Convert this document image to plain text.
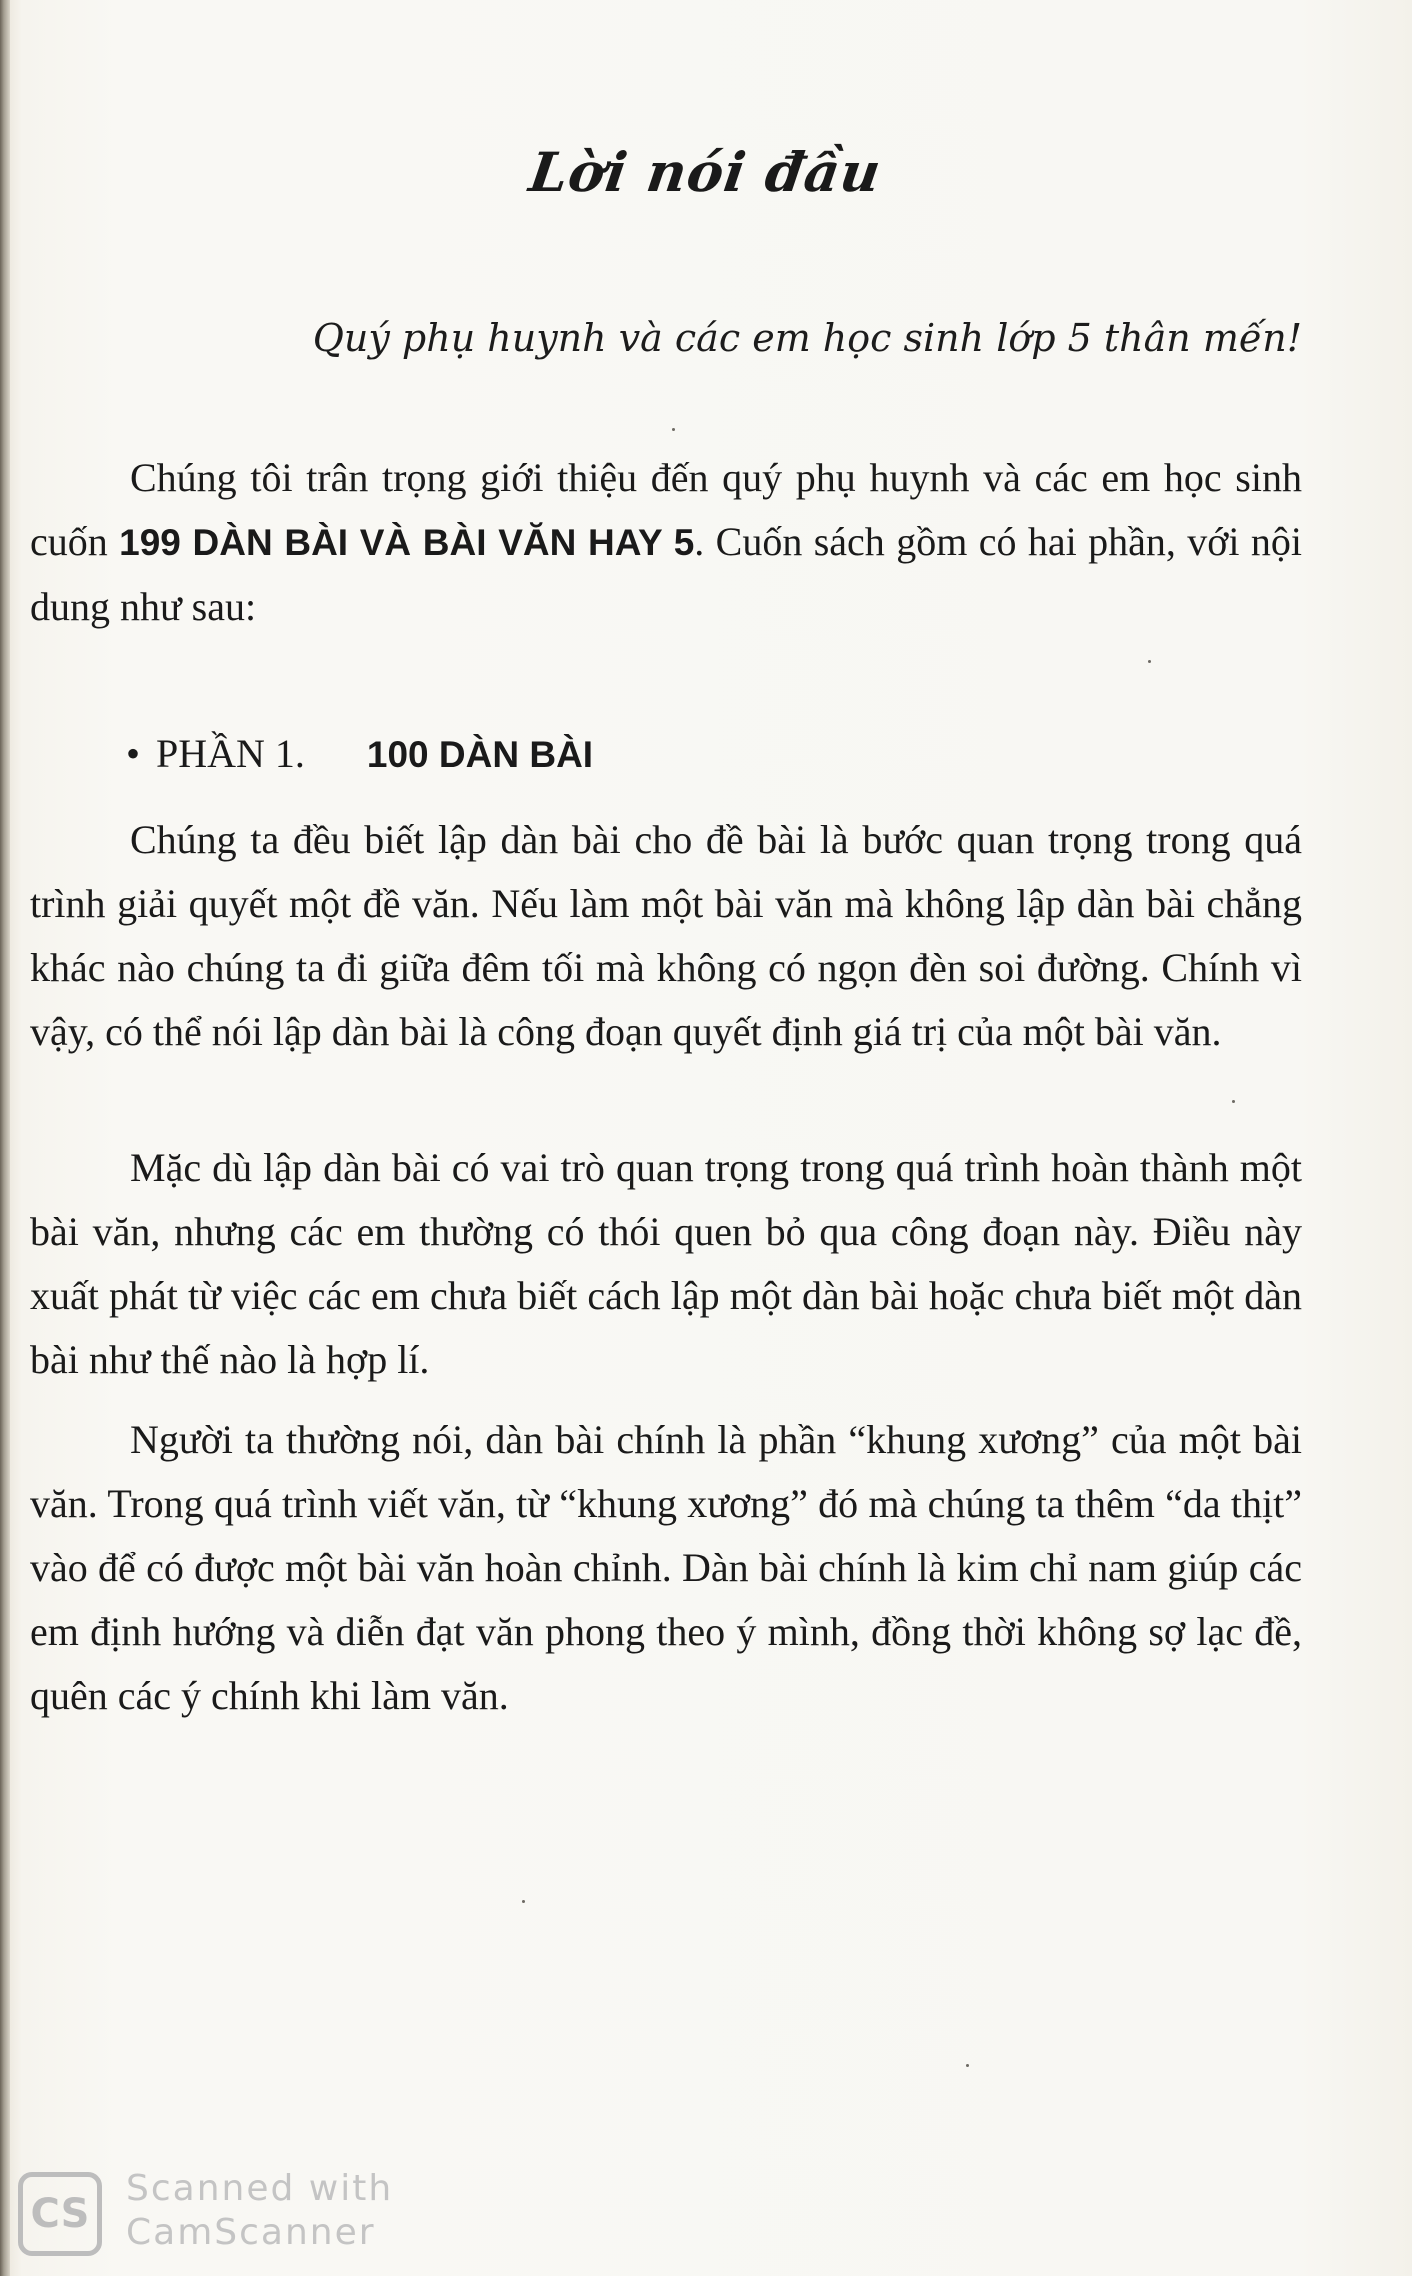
Lời nói đầu
Quý phụ huynh và các em học sinh lớp 5 thân mến!
Chúng tôi trân trọng giới thiệu đến quý phụ huynh và các em học sinh cuốn 199 DÀN BÀI VÀ BÀI VĂN HAY 5. Cuốn sách gồm có hai phần, với nội dung như sau:
• PHẦN 1. 100 DÀN BÀI
Chúng ta đều biết lập dàn bài cho đề bài là bước quan trọng trong quá trình giải quyết một đề văn. Nếu làm một bài văn mà không lập dàn bài chẳng khác nào chúng ta đi giữa đêm tối mà không có ngọn đèn soi đường. Chính vì vậy, có thể nói lập dàn bài là công đoạn quyết định giá trị của một bài văn.
Mặc dù lập dàn bài có vai trò quan trọng trong quá trình hoàn thành một bài văn, nhưng các em thường có thói quen bỏ qua công đoạn này. Điều này xuất phát từ việc các em chưa biết cách lập một dàn bài hoặc chưa biết một dàn bài như thế nào là hợp lí.
Người ta thường nói, dàn bài chính là phần “khung xương” của một bài văn. Trong quá trình viết văn, từ “khung xương” đó mà chúng ta thêm “da thịt” vào để có được một bài văn hoàn chỉnh. Dàn bài chính là kim chỉ nam giúp các em định hướng và diễn đạt văn phong theo ý mình, đồng thời không sợ lạc đề, quên các ý chính khi làm văn.
CS
Scanned with
CamScanner
